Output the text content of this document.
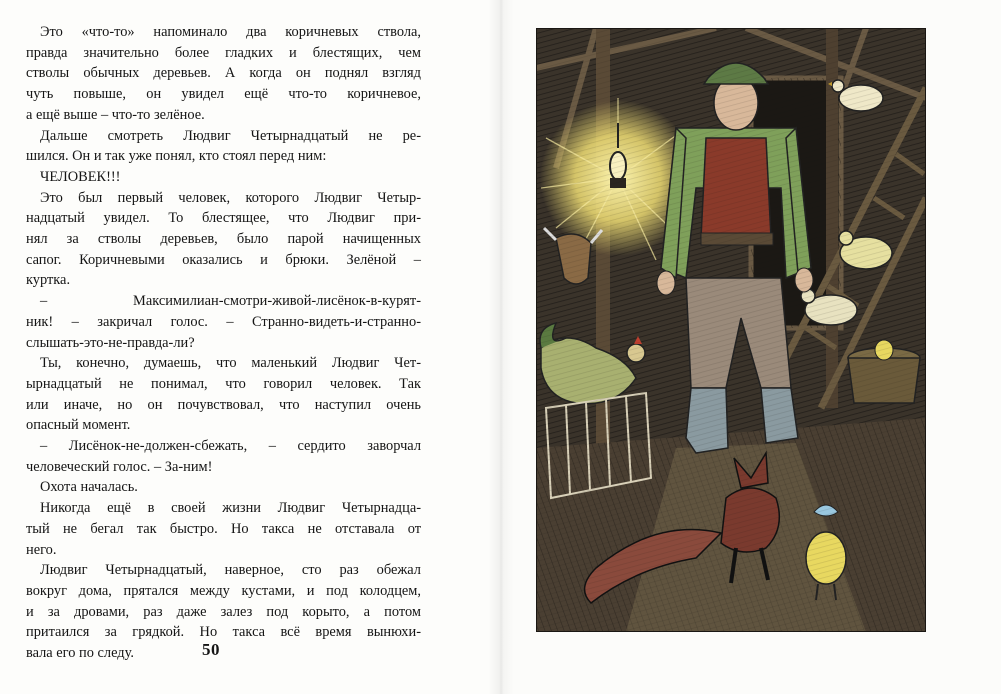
Это «что-то» напоминало два коричневых ствола,
правда значительно более гладких и блестящих, чем
стволы обычных деревьев. А когда он поднял взгляд
чуть повыше, он увидел ещё что-то коричневое,
а ещё выше – что-то зелёное.
Дальше смотреть Людвиг Четырнадцатый не ре-
шился. Он и так уже понял, кто стоял перед ним:
ЧЕЛОВЕК!!!
Это был первый человек, которого Людвиг Четыр-
надцатый увидел. То блестящее, что Людвиг при-
нял за стволы деревьев, было парой начищенных
сапог. Коричневыми оказались и брюки. Зелёной –
куртка.
– Максимилиан-смотри-живой-лисёнок-в-курят-
ник! – закричал голос. – Странно-видеть-и-странно-
слышать-это-не-правда-ли?
Ты, конечно, думаешь, что маленький Людвиг Чет-
ырнадцатый не понимал, что говорил человек. Так
или иначе, но он почувствовал, что наступил очень
опасный момент.
– Лисёнок-не-должен-сбежать, – сердито заворчал
человеческий голос. – За-ним!
Охота началась.
Никогда ещё в своей жизни Людвиг Четырнадца-
тый не бегал так быстро. Но такса не отставала от
него.
Людвиг Четырнадцатый, наверное, сто раз обежал
вокруг дома, прятался между кустами, и под колодцем,
и за дровами, раз даже залез под корыто, а потом
притаился за грядкой. Но такса всё время вынюхи-
вала его по следу.	50
